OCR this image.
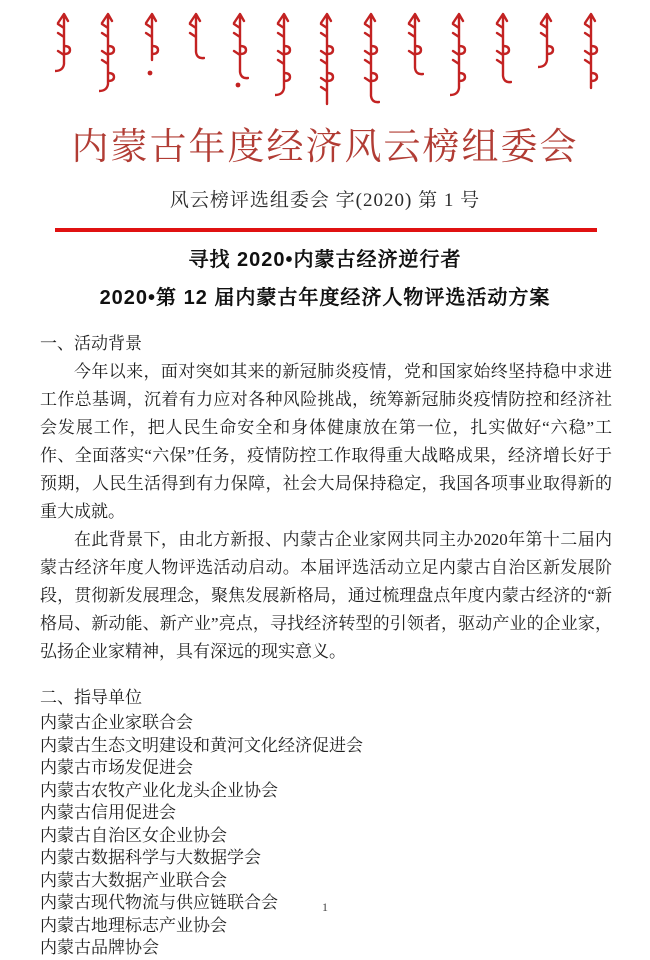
内蒙古年度经济风云榜组委会
风云榜评选组委会 字(2020) 第 1 号
寻找 2020•内蒙古经济逆行者
2020•第 12 届内蒙古年度经济人物评选活动方案
一、活动背景

今年以来，面对突如其来的新冠肺炎疫情，党和国家始终坚持稳中求进工作总基调，沉着有力应对各种风险挑战，统筹新冠肺炎疫情防控和经济社会发展工作，把人民生命安全和身体健康放在第一位，扎实做好“六稳”工作、全面落实“六保”任务，疫情防控工作取得重大战略成果，经济增长好于预期，人民生活得到有力保障，社会大局保持稳定，我国各项事业取得新的重大成就。

在此背景下，由北方新报、内蒙古企业家网共同主办2020年第十二届内蒙古经济年度人物评选活动启动。本届评选活动立足内蒙古自治区新发展阶段，贯彻新发展理念，聚焦发展新格局，通过梳理盘点年度内蒙古经济的“新格局、新动能、新产业”亮点，寻找经济转型的引领者，驱动产业的企业家，弘扬企业家精神，具有深远的现实意义。

二、指导单位
内蒙古企业家联合会
内蒙古生态文明建设和黄河文化经济促进会
内蒙古市场发促进会
内蒙古农牧产业化龙头企业协会
内蒙古信用促进会
内蒙古自治区女企业协会
内蒙古数据科学与大数据学会
内蒙古大数据产业联合会
内蒙古现代物流与供应链联合会
内蒙古地理标志产业协会
内蒙古品牌协会
1
